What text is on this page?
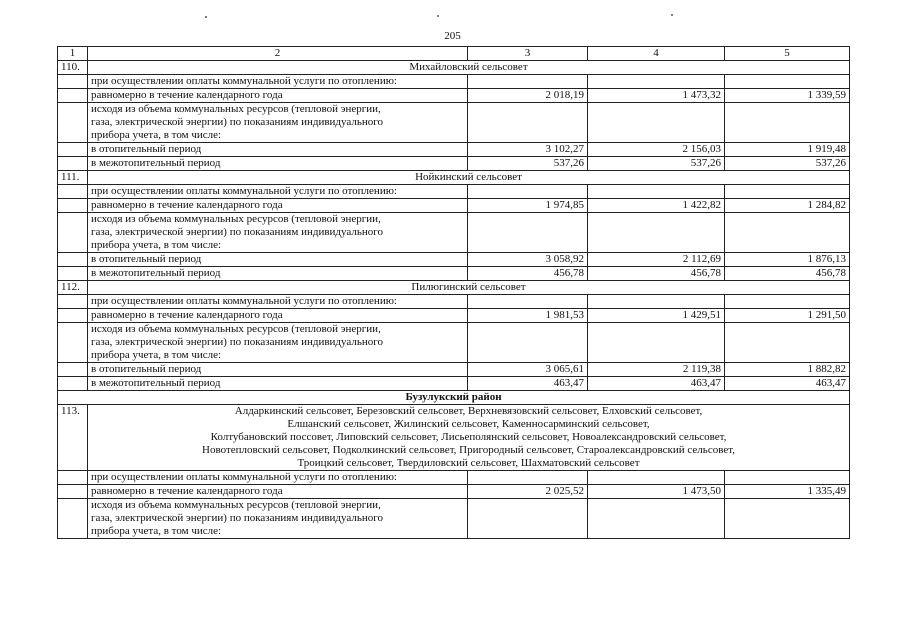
205
1	2	3	4	5
110.	Михайловский сельсовет			
	при осуществлении оплаты коммунальной услуги по отоплению:			
	равномерно в течение календарного года	2 018,19	1 473,32	1 339,59

	исходя из объема коммунальных ресурсов (тепловой энергии,
газа, электрической энергии) по показаниям индивидуального
прибора учета, в том числе:			

	в отопительный период	3 102,27	2 156,03	1 919,48
	в межотопительный период	537,26	537,26	537,26
111.	Нойкинский сельсовет			
	при осуществлении оплаты коммунальной услуги по отоплению:			
	равномерно в течение календарного года	1 974,85	1 422,82	1 284,82

	исходя из объема коммунальных ресурсов (тепловой энергии,
газа, электрической энергии) по показаниям индивидуального
прибора учета, в том числе:			

	в отопительный период	3 058,92	2 112,69	1 876,13
	в межотопительный период	456,78	456,78	456,78
112.	Пилюгинский сельсовет			
	при осуществлении оплаты коммунальной услуги по отоплению:			
	равномерно в течение календарного года	1 981,53	1 429,51	1 291,50

	исходя из объема коммунальных ресурсов (тепловой энергии,
газа, электрической энергии) по показаниям индивидуального
прибора учета, в том числе:			

	в отопительный период	3 065,61	2 119,38	1 882,82
	в межотопительный период	463,47	463,47	463,47
Бузулукский район				
113.	Алдаркинский сельсовет, Березовский сельсовет, Верхневязовский сельсовет, Елховский сельсовет,
Елшанский сельсовет, Жилинский сельсовет, Каменносарминский сельсовет,
Колтубановский поссовет, Липовский сельсовет, Лисьеполянский сельсовет, Новоалександровский сельсовет,
Новотепловский сельсовет, Подколкинский сельсовет, Пригородный сельсовет, Староалександровский сельсовет,
Троицкий сельсовет, Твердиловский сельсовет, Шахматовский сельсовет			

	при осуществлении оплаты коммунальной услуги по отоплению:			
	равномерно в течение календарного года	2 025,52	1 473,50	1 335,49

	исходя из объема коммунальных ресурсов (тепловой энергии,
газа, электрической энергии) по показаниям индивидуального
прибора учета, в том числе:			
